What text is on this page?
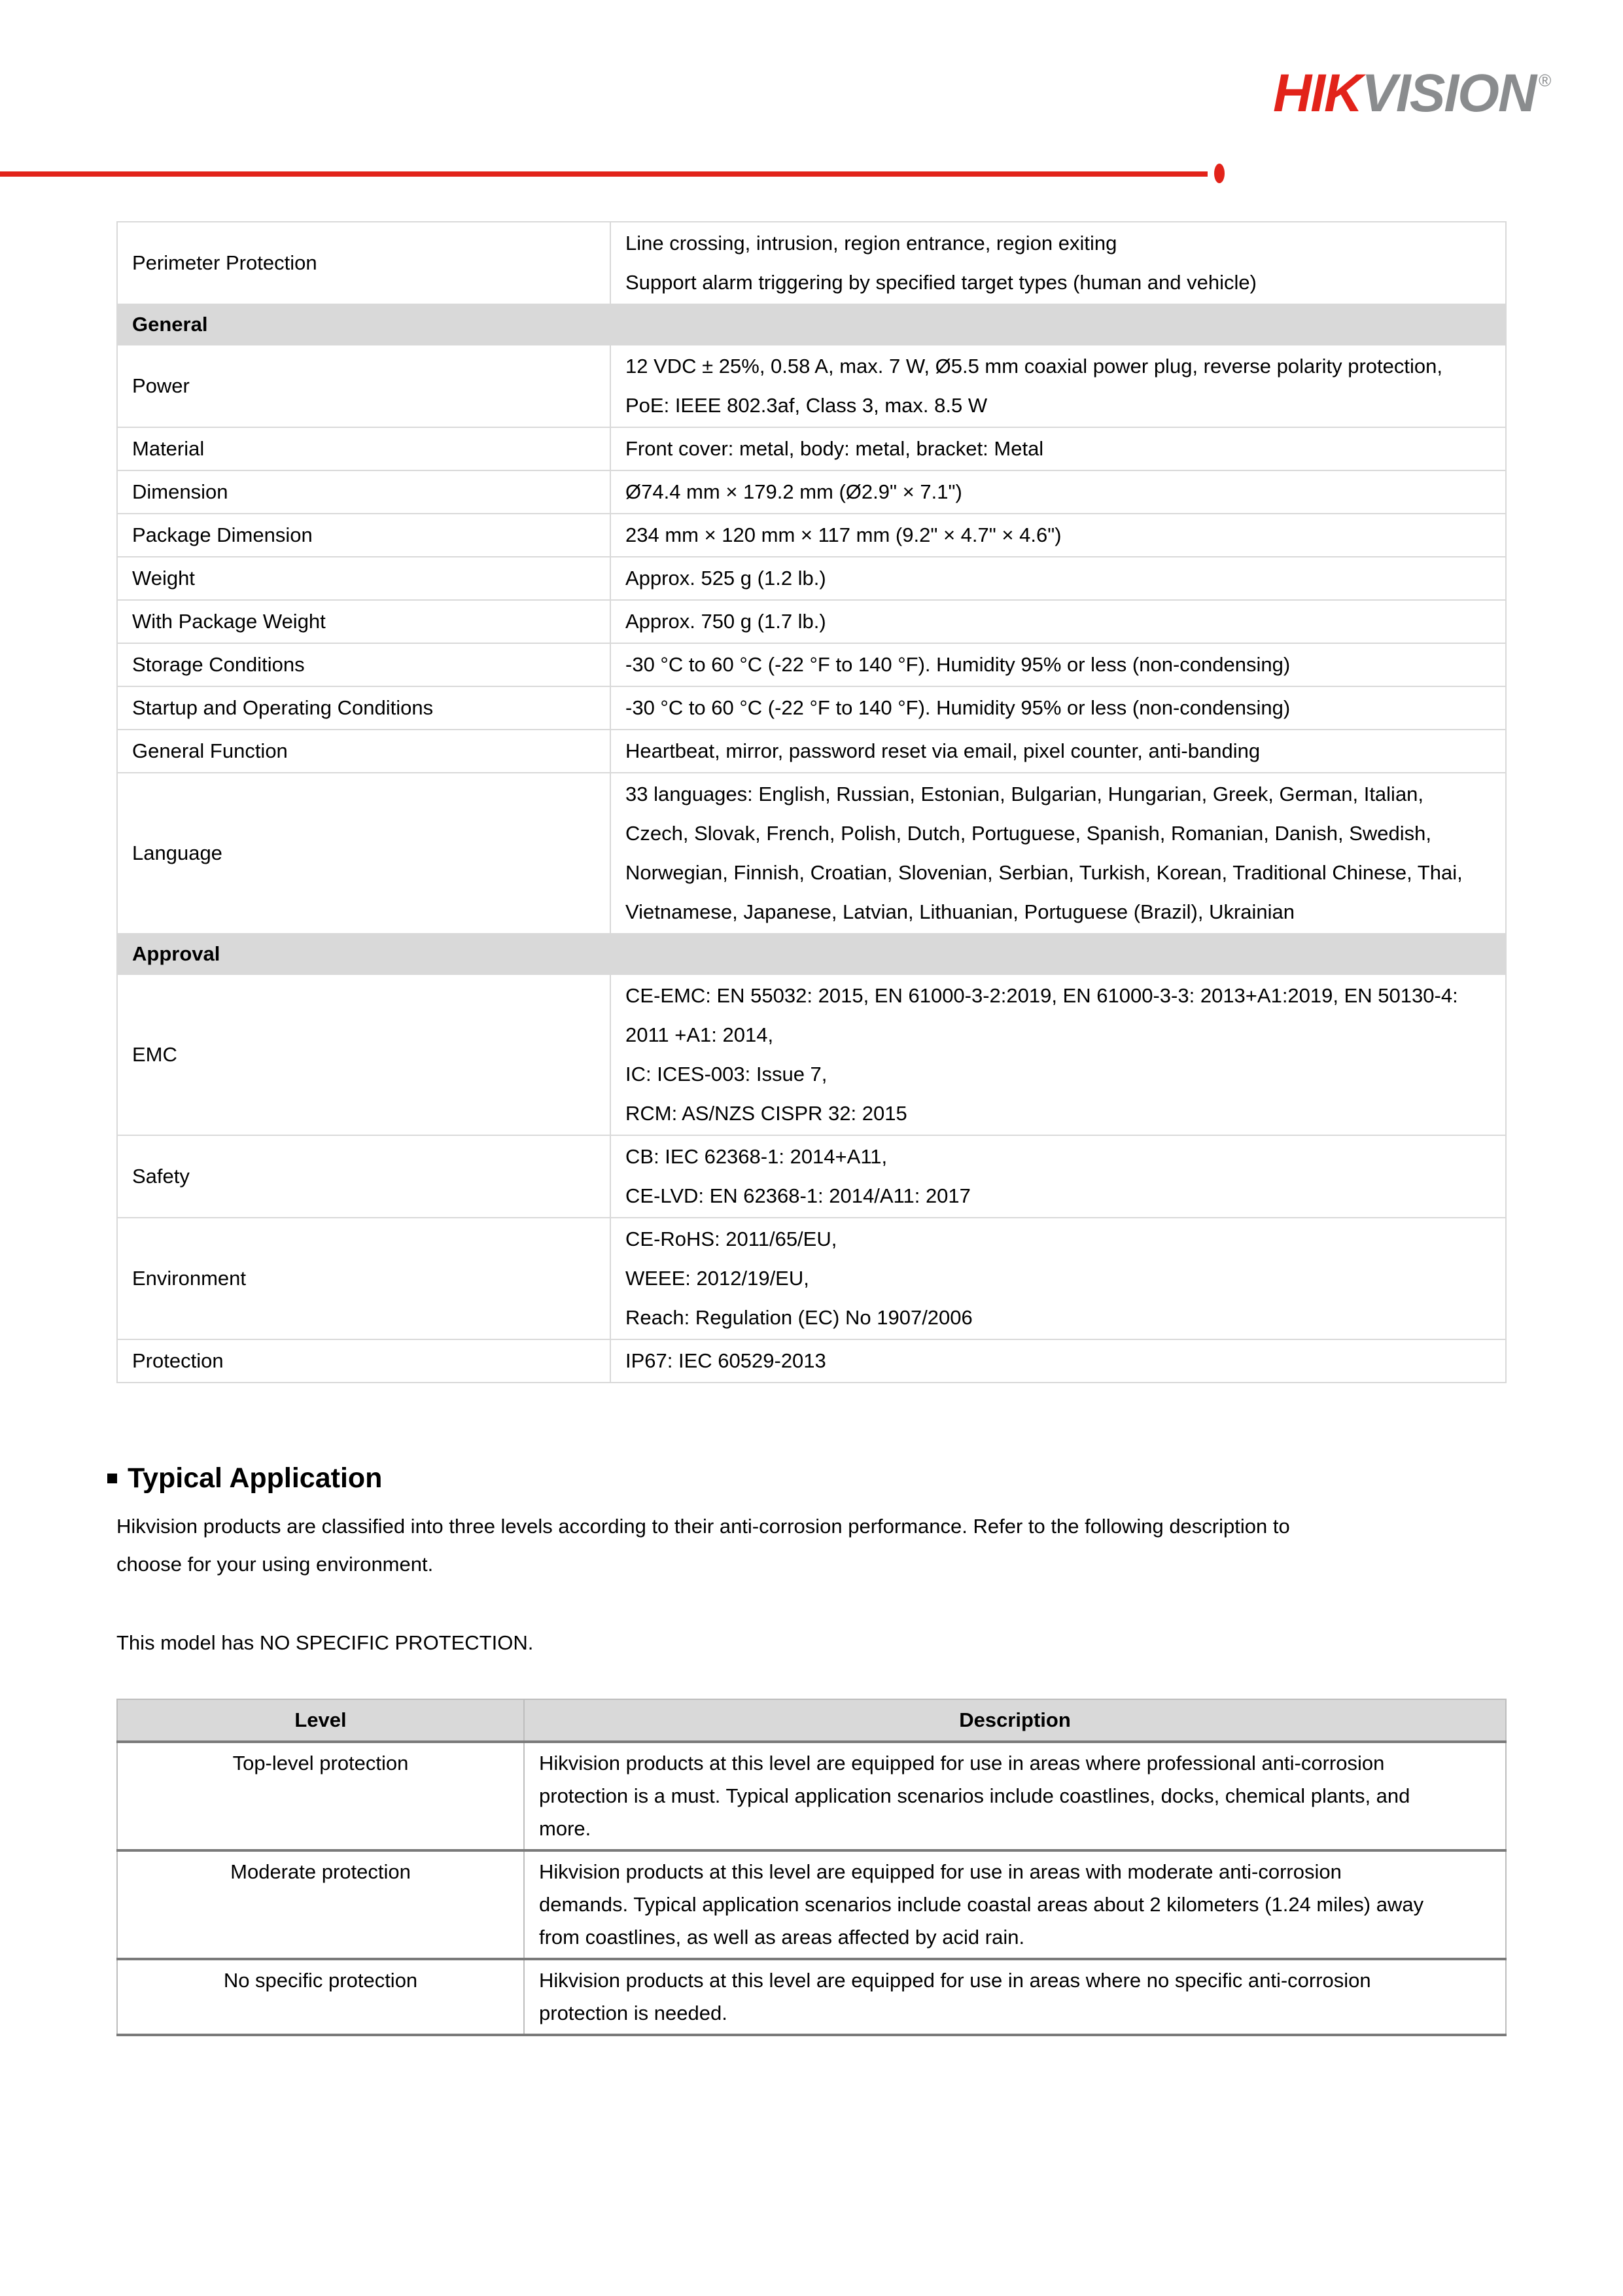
HIKVISION ®
Perimeter Protection	Line crossing, intrusion, region entrance, region exiting

Support alarm triggering by specified target types (human and vehicle)

General	
Power	12 VDC ± 25%, 0.58 A, max. 7 W, Ø5.5 mm coaxial power plug, reverse polarity protection,

PoE: IEEE 802.3af, Class 3, max. 8.5 W

Material	Front cover: metal, body: metal, bracket: Metal

Dimension	Ø74.4 mm × 179.2 mm (Ø2.9" × 7.1")

Package Dimension	234 mm × 120 mm × 117 mm (9.2" × 4.7" × 4.6")

Weight	Approx. 525 g (1.2 lb.)

With Package Weight	Approx. 750 g (1.7 lb.)

Storage Conditions	-30 °C to 60 °C (-22 °F to 140 °F). Humidity 95% or less (non-condensing)

Startup and Operating Conditions	-30 °C to 60 °C (-22 °F to 140 °F). Humidity 95% or less (non-condensing)

General Function	Heartbeat, mirror, password reset via email, pixel counter, anti-banding

Language	33 languages: English, Russian, Estonian, Bulgarian, Hungarian, Greek, German, Italian, Czech, Slovak, French, Polish, Dutch, Portuguese, Spanish, Romanian, Danish, Swedish, Norwegian, Finnish, Croatian, Slovenian, Serbian, Turkish, Korean, Traditional Chinese, Thai, Vietnamese, Japanese, Latvian, Lithuanian, Portuguese (Brazil), Ukrainian

Approval	
EMC	CE-EMC: EN 55032: 2015, EN 61000-3-2:2019, EN 61000-3-3: 2013+A1:2019, EN 50130-4: 2011 +A1: 2014,

IC: ICES-003: Issue 7,

RCM: AS/NZS CISPR 32: 2015

Safety	CB: IEC 62368-1: 2014+A11,

CE-LVD: EN 62368-1: 2014/A11: 2017

Environment	CE-RoHS: 2011/65/EU,

WEEE: 2012/19/EU,

Reach: Regulation (EC) No 1907/2006

Protection	IP67: IEC 60529-2013

Typical Application

Hikvision products are classified into three levels according to their anti-corrosion performance. Refer to the following description to choose for your using environment.

This model has NO SPECIFIC PROTECTION.

Level	Description
Top-level protection	Hikvision products at this level are equipped for use in areas where professional anti-corrosion protection is a must. Typical application scenarios include coastlines, docks, chemical plants, and more.
Moderate protection	Hikvision products at this level are equipped for use in areas with moderate anti-corrosion demands. Typical application scenarios include coastal areas about 2 kilometers (1.24 miles) away from coastlines, as well as areas affected by acid rain.
No specific protection	Hikvision products at this level are equipped for use in areas where no specific anti-corrosion protection is needed.
